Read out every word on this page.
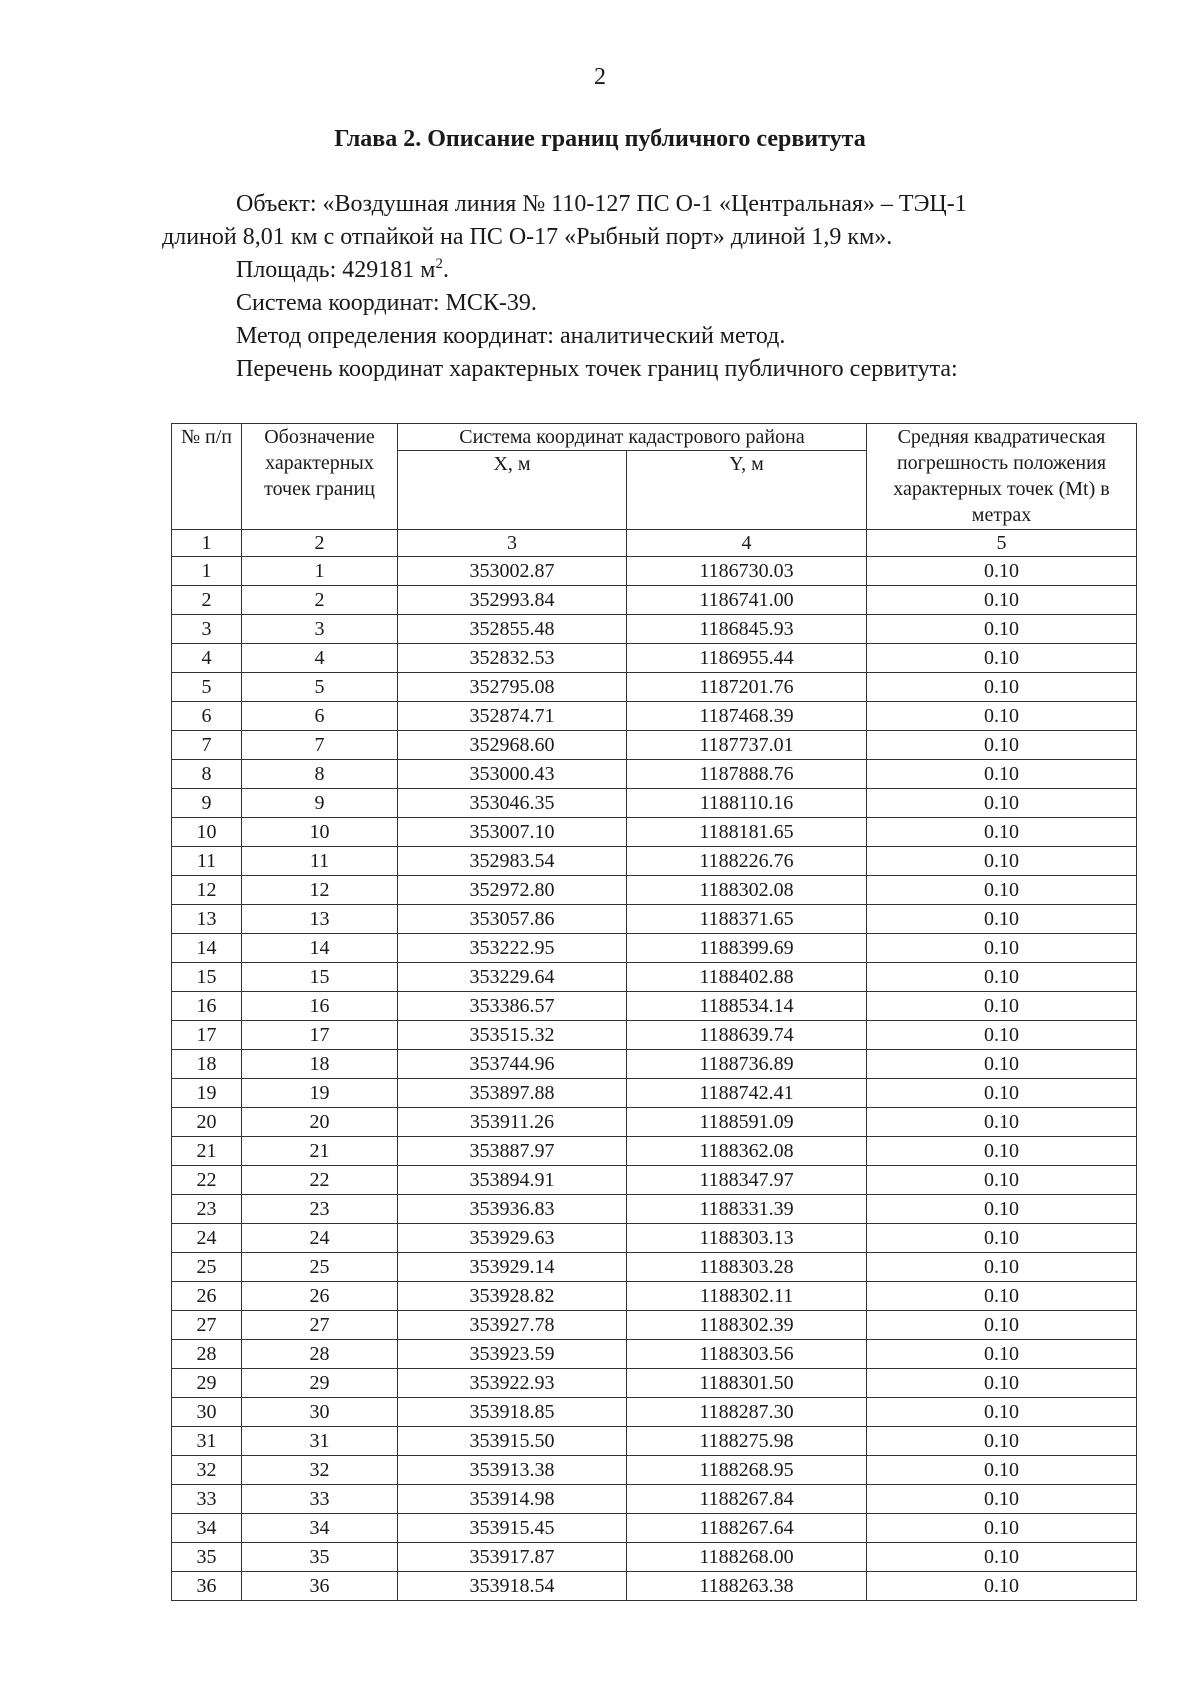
2
Глава 2. Описание границ публичного сервитута

Объект: «Воздушная линия № 110-127 ПС О-1 «Центральная» – ТЭЦ-1

длиной 8,01 км с отпайкой на ПС О-17 «Рыбный порт» длиной 1,9 км».

Площадь: 429181 $м^2$.

Система координат: МСК-39.

Метод определения координат: аналитический метод.

Перечень координат характерных точек границ публичного сервитута:

№ п/п	Обозначение характерных точек границ	Система координат кадастрового района		Средняя квадратическая погрешность положения характерных точек (Mt) в метрах
		X, м	Y, м	
1	2	3	4	5
1	1	353002.87	1186730.03	0.10
2	2	352993.84	1186741.00	0.10
3	3	352855.48	1186845.93	0.10
4	4	352832.53	1186955.44	0.10
5	5	352795.08	1187201.76	0.10
6	6	352874.71	1187468.39	0.10
7	7	352968.60	1187737.01	0.10
8	8	353000.43	1187888.76	0.10
9	9	353046.35	1188110.16	0.10
10	10	353007.10	1188181.65	0.10
11	11	352983.54	1188226.76	0.10
12	12	352972.80	1188302.08	0.10
13	13	353057.86	1188371.65	0.10
14	14	353222.95	1188399.69	0.10
15	15	353229.64	1188402.88	0.10
16	16	353386.57	1188534.14	0.10
17	17	353515.32	1188639.74	0.10
18	18	353744.96	1188736.89	0.10
19	19	353897.88	1188742.41	0.10
20	20	353911.26	1188591.09	0.10
21	21	353887.97	1188362.08	0.10
22	22	353894.91	1188347.97	0.10
23	23	353936.83	1188331.39	0.10
24	24	353929.63	1188303.13	0.10
25	25	353929.14	1188303.28	0.10
26	26	353928.82	1188302.11	0.10
27	27	353927.78	1188302.39	0.10
28	28	353923.59	1188303.56	0.10
29	29	353922.93	1188301.50	0.10
30	30	353918.85	1188287.30	0.10
31	31	353915.50	1188275.98	0.10
32	32	353913.38	1188268.95	0.10
33	33	353914.98	1188267.84	0.10
34	34	353915.45	1188267.64	0.10
35	35	353917.87	1188268.00	0.10
36	36	353918.54	1188263.38	0.10
